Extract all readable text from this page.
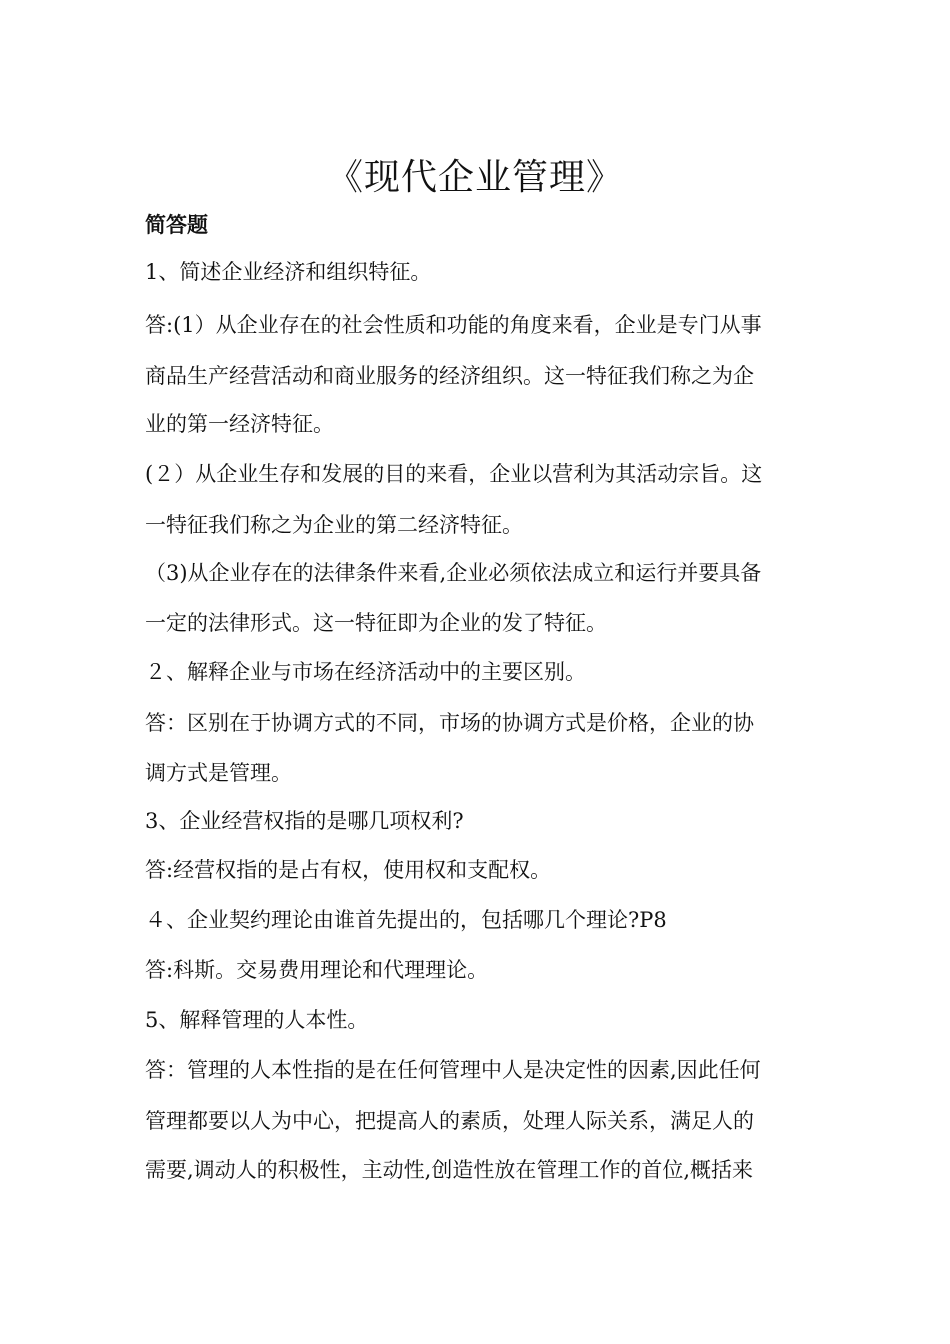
《现代企业管理》
简答题
1、简述企业经济和组织特征。
答:(1）从企业存在的社会性质和功能的角度来看，企业是专门从事
商品生产经营活动和商业服务的经济组织。这一特征我们称之为企
业的第一经济特征。
(２）从企业生存和发展的目的来看，企业以营利为其活动宗旨。这
一特征我们称之为企业的第二经济特征。
（3)从企业存在的法律条件来看,企业必须依法成立和运行并要具备
一定的法律形式。这一特征即为企业的发了特征。
２、解释企业与市场在经济活动中的主要区别。
答：区别在于协调方式的不同，市场的协调方式是价格，企业的协
调方式是管理。
3、企业经营权指的是哪几项权利?
答:经营权指的是占有权，使用权和支配权。
４、企业契约理论由谁首先提出的，包括哪几个理论?P8
答:科斯。交易费用理论和代理理论。
5、解释管理的人本性。
答：管理的人本性指的是在任何管理中人是决定性的因素,因此任何
管理都要以人为中心，把提高人的素质，处理人际关系，满足人的
需要,调动人的积极性，主动性,创造性放在管理工作的首位,概括来
